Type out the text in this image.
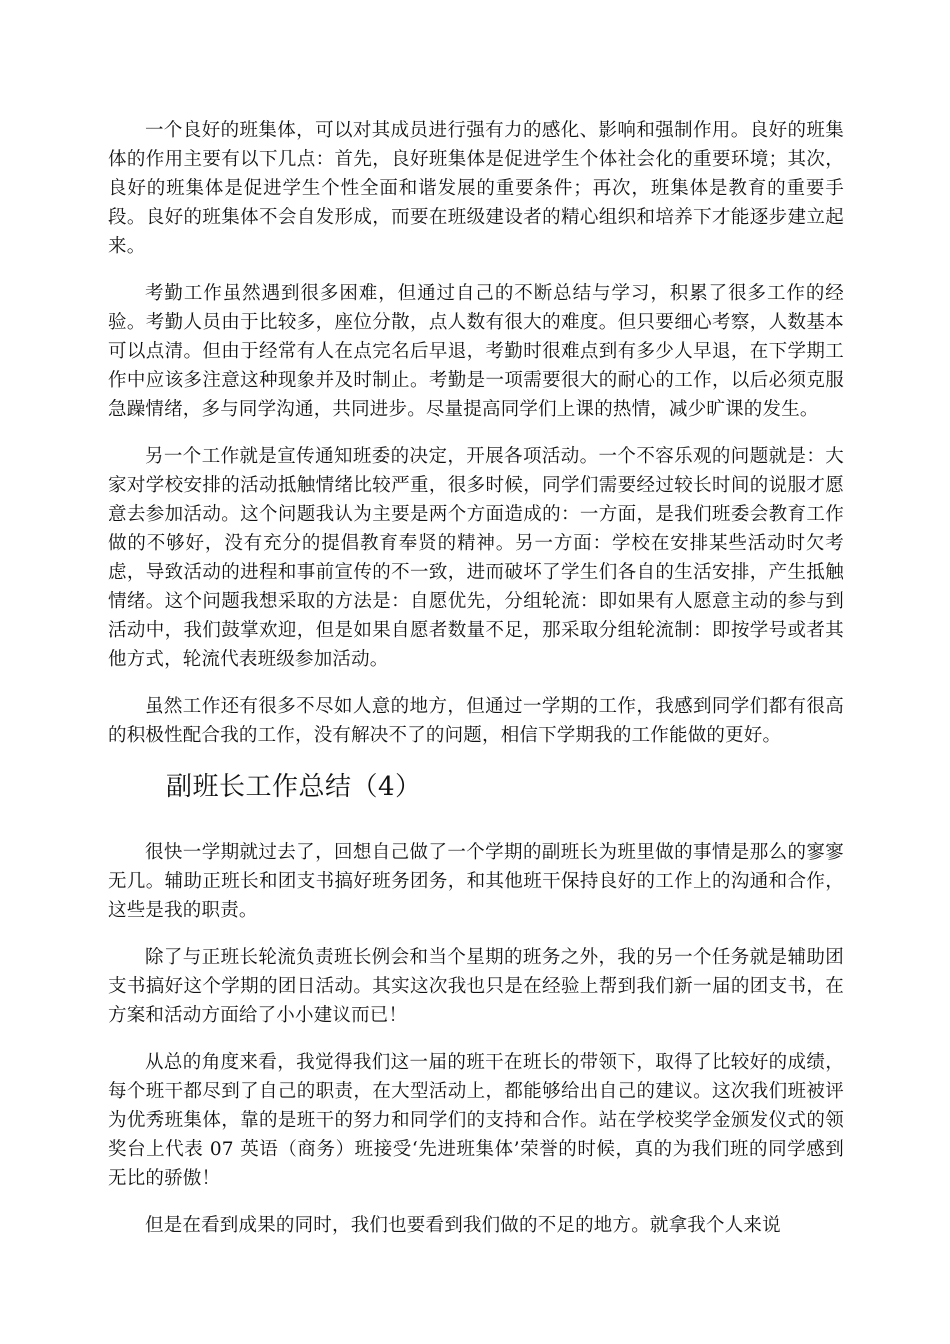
一个良好的班集体，可以对其成员进行强有力的感化、影响和强制作用。良好的班集体的作用主要有以下几点：首先，良好班集体是促进学生个体社会化的重要环境；其次，良好的班集体是促进学生个性全面和谐发展的重要条件；再次，班集体是教育的重要手段。良好的班集体不会自发形成，而要在班级建设者的精心组织和培养下才能逐步建立起来。

考勤工作虽然遇到很多困难，但通过自己的不断总结与学习，积累了很多工作的经验。考勤人员由于比较多，座位分散，点人数有很大的难度。但只要细心考察，人数基本可以点清。但由于经常有人在点完名后早退，考勤时很难点到有多少人早退，在下学期工作中应该多注意这种现象并及时制止。考勤是一项需要很大的耐心的工作，以后必须克服急躁情绪，多与同学沟通，共同进步。尽量提高同学们上课的热情，减少旷课的发生。

另一个工作就是宣传通知班委的决定，开展各项活动。一个不容乐观的问题就是：大家对学校安排的活动抵触情绪比较严重，很多时候，同学们需要经过较长时间的说服才愿意去参加活动。这个问题我认为主要是两个方面造成的：一方面，是我们班委会教育工作做的不够好，没有充分的提倡教育奉贤的精神。另一方面：学校在安排某些活动时欠考虑，导致活动的进程和事前宣传的不一致，进而破坏了学生们各自的生活安排，产生抵触情绪。这个问题我想采取的方法是：自愿优先，分组轮流：即如果有人愿意主动的参与到活动中，我们鼓掌欢迎，但是如果自愿者数量不足，那采取分组轮流制：即按学号或者其他方式，轮流代表班级参加活动。

虽然工作还有很多不尽如人意的地方，但通过一学期的工作，我感到同学们都有很高的积极性配合我的工作，没有解决不了的问题，相信下学期我的工作能做的更好。

副班长工作总结（4）

很快一学期就过去了，回想自己做了一个学期的副班长为班里做的事情是那么的寥寥无几。辅助正班长和团支书搞好班务团务，和其他班干保持良好的工作上的沟通和合作，这些是我的职责。

除了与正班长轮流负责班长例会和当个星期的班务之外，我的另一个任务就是辅助团支书搞好这个学期的团日活动。其实这次我也只是在经验上帮到我们新一届的团支书，在方案和活动方面给了小小建议而已！

从总的角度来看，我觉得我们这一届的班干在班长的带领下，取得了比较好的成绩，每个班干都尽到了自己的职责，在大型活动上，都能够给出自己的建议。这次我们班被评为优秀班集体，靠的是班干的努力和同学们的支持和合作。站在学校奖学金颁发仪式的领奖台上代表 07 英语（商务）班接受‘先进班集体’荣誉的时候，真的为我们班的同学感到无比的骄傲！

但是在看到成果的同时，我们也要看到我们做的不足的地方。就拿我个人来说
